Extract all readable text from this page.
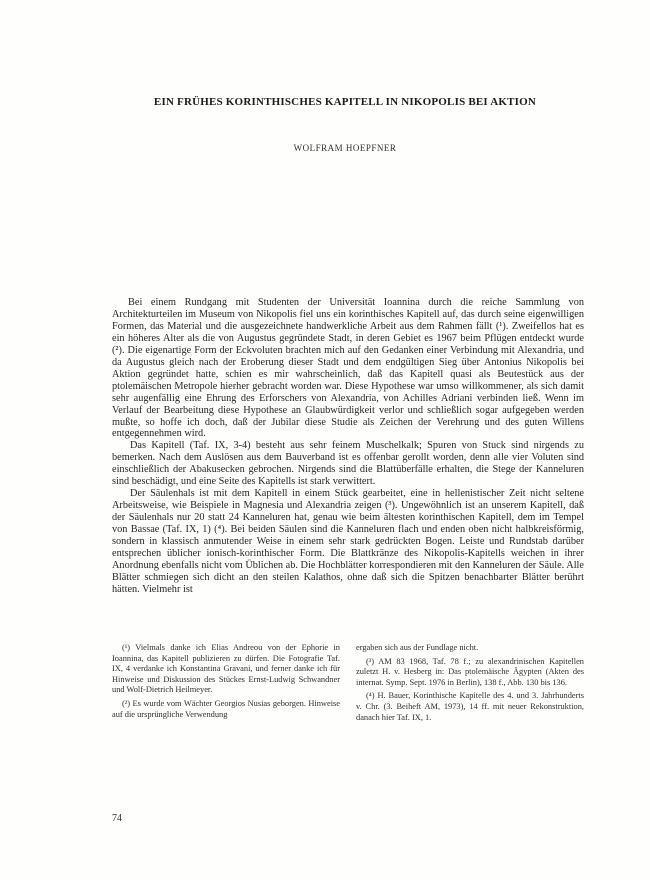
EIN FRÜHES KORINTHISCHES KAPITELL IN NIKOPOLIS BEI AKTION
WOLFRAM HOEPFNER

Bei einem Rundgang mit Studenten der Universität Ioannina durch die reiche Sammlung von Architekturteilen im Museum von Nikopolis fiel uns ein korinthisches Kapitell auf, das durch seine eigenwilligen Formen, das Material und die ausgezeichnete handwerkliche Arbeit aus dem Rahmen fällt (¹). Zweifellos hat es ein höheres Alter als die von Augustus gegründete Stadt, in deren Gebiet es 1967 beim Pflügen entdeckt wurde (²). Die eigenartige Form der Eckvoluten brachten mich auf den Gedanken einer Verbindung mit Alexandria, und da Augustus gleich nach der Eroberung dieser Stadt und dem endgültigen Sieg über Antonius Nikopolis bei Aktion gegründet hatte, schien es mir wahrscheinlich, daß das Kapitell quasi als Beutestück aus der ptolemäischen Metropole hierher gebracht worden war. Diese Hypothese war umso willkommener, als sich damit sehr augenfällig eine Ehrung des Erforschers von Alexandria, von Achilles Adriani verbinden ließ. Wenn im Verlauf der Bearbeitung diese Hypothese an Glaubwürdigkeit verlor und schließlich sogar aufgegeben werden mußte, so hoffe ich doch, daß der Jubilar diese Studie als Zeichen der Verehrung und des guten Willens entgegennehmen wird.

Das Kapitell (Taf. IX, 3-4) besteht aus sehr feinem Muschelkalk; Spuren von Stuck sind nirgends zu bemerken. Nach dem Auslösen aus dem Bauverband ist es offenbar gerollt worden, denn alle vier Voluten sind einschließlich der Abakusecken gebrochen. Nirgends sind die Blattüberfälle erhalten, die Stege der Kanneluren sind beschädigt, und eine Seite des Kapitells ist stark verwittert.

Der Säulenhals ist mit dem Kapitell in einem Stück gearbeitet, eine in hellenistischer Zeit nicht seltene Arbeitsweise, wie Beispiele in Magnesia und Alexandria zeigen (³). Ungewöhnlich ist an unserem Kapitell, daß der Säulenhals nur 20 statt 24 Kanneluren hat, genau wie beim ältesten korinthischen Kapitell, dem im Tempel von Bassae (Taf. IX, 1) (⁴). Bei beiden Säulen sind die Kanneluren flach und enden oben nicht halbkreisförmig, sondern in klassisch anmutender Weise in einem sehr stark gedrückten Bogen. Leiste und Rundstab darüber entsprechen üblicher ionisch-korinthischer Form. Die Blattkränze des Nikopolis-Kapitells weichen in ihrer Anordnung ebenfalls nicht vom Üblichen ab. Die Hochblätter korrespondieren mit den Kanneluren der Säule. Alle Blätter schmiegen sich dicht an den steilen Kalathos, ohne daß sich die Spitzen benachbarter Blätter berührt hätten. Vielmehr ist

(¹) Vielmals danke ich Elias Andreou von der Ephorie in Ioannina, das Kapitell publizieren zu dürfen. Die Fotografie Taf. IX, 4 verdanke ich Konstantina Gravani, und ferner danke ich für Hinweise und Diskussion des Stückes Ernst-Ludwig Schwandner und Wolf-Dietrich Heilmeyer.

(²) Es wurde vom Wächter Georgios Nusias geborgen. Hinweise auf die ursprüngliche Verwendung

ergaben sich aus der Fundlage nicht.

(³) AM 83 1968, Taf. 78 f.; zu alexandrinischen Kapitellen zuletzt H. v. Hesberg in: Das ptolemäische Ägypten (Akten des internat. Symp. Sept. 1976 in Berlin), 138 f., Abb. 130 bis 136.

(⁴) H. Bauer, Korinthische Kapitelle des 4. und 3. Jahrhunderts v. Chr. (3. Beiheft AM, 1973), 14 ff. mit neuer Rekonstruktion, danach hier Taf. IX, 1.

74
